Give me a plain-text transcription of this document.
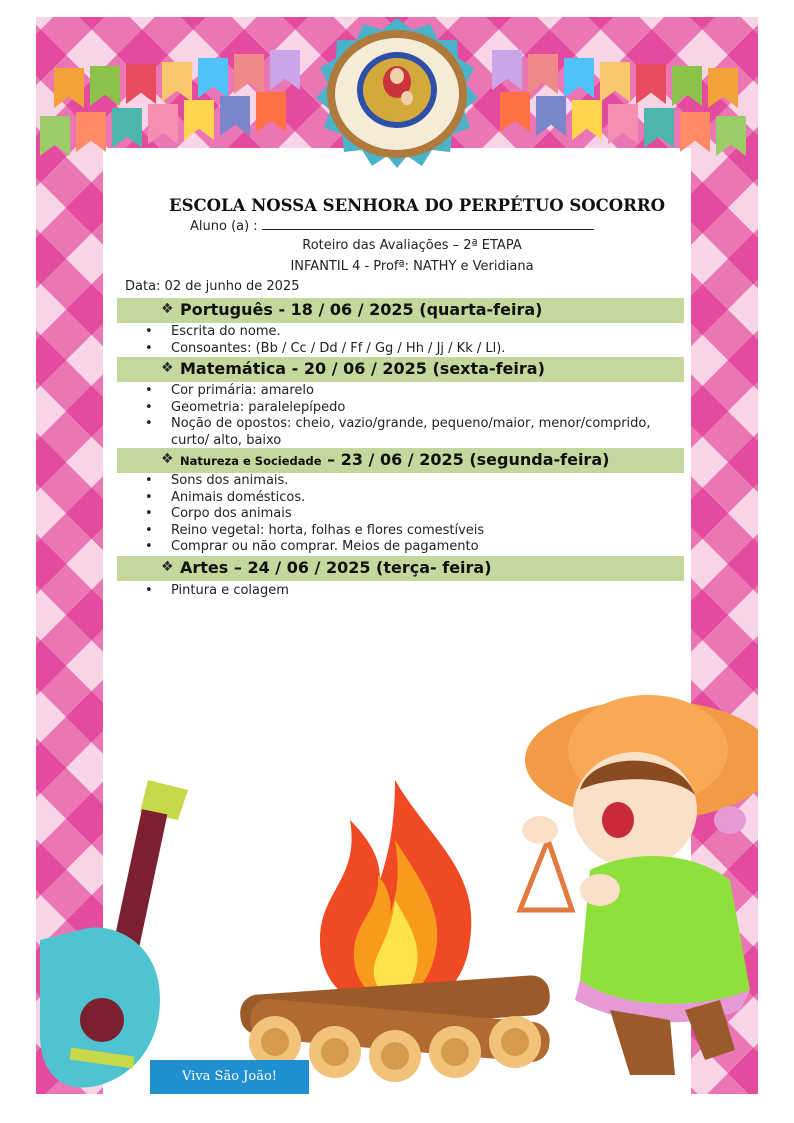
ESCOLA NOSSA SENHORA DO PERPÉTUO SOCORRO
Aluno (a) :
Roteiro das Avaliações – 2ª ETAPA
INFANTIL 4 - Profª: NATHY e Veridiana
Data: 02 de junho de 2025
❖ Português - 18 / 06 / 2025 (quarta-feira)
• Escrita do nome.
• Consoantes: (Bb / Cc / Dd / Ff / Gg / Hh / Jj / Kk / Ll).
❖ Matemática - 20 / 06 / 2025 (sexta-feira)
• Cor primária: amarelo
• Geometria: paralelepípedo
• Noção de opostos: cheio, vazio/grande, pequeno/maior, menor/comprido, curto/ alto, baixo
❖ Natureza e Sociedade – 23 / 06 / 2025 (segunda-feira)
• Sons dos animais.
• Animais domésticos.
• Corpo dos animais
• Reino vegetal: horta, folhas e flores comestíveis
• Comprar ou não comprar. Meios de pagamento
❖ Artes – 24 / 06 / 2025 (terça- feira)
• Pintura e colagem
Viva São João!
